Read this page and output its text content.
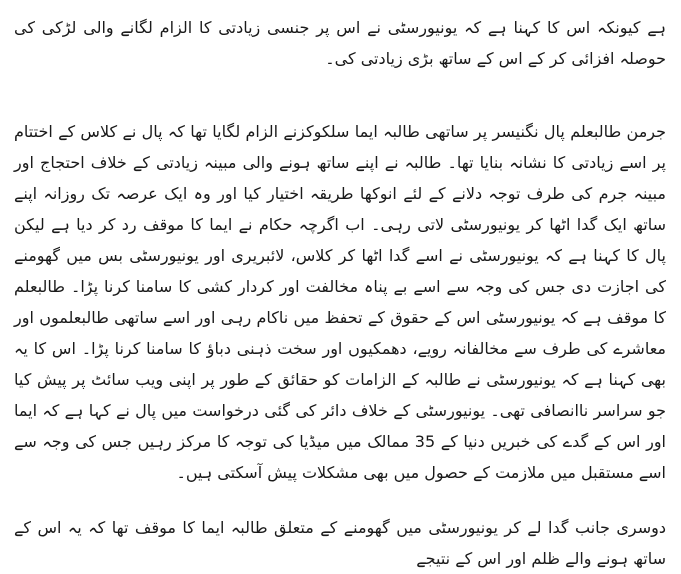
ہے کیونکہ اس کا کہنا ہے کہ یونیورسٹی نے اس پر جنسی زیادتی کا الزام لگانے والی لڑکی کی حوصلہ افزائی کر کے اس کے ساتھ بڑی زیادتی کی۔

جرمن طالبعلم پال نگنیسر پر ساتھی طالبہ ایما سلکوکزنے الزام لگایا تھا کہ پال نے کلاس کے اختتام پر اسے زیادتی کا نشانہ بنایا تھا۔ طالبہ نے اپنے ساتھ ہونے والی مبینہ زیادتی کے خلاف احتجاج اور مبینہ جرم کی طرف توجہ دلانے کے لئے انوکھا طریقہ اختیار کیا اور وہ ایک عرصہ تک روزانہ اپنے ساتھ ایک گدا اٹھا کر یونیورسٹی لاتی رہی۔ اب اگرچہ حکام نے ایما کا موقف رد کر دیا ہے لیکن پال کا کہنا ہے کہ یونیورسٹی نے اسے گدا اٹھا کر کلاس، لائبریری اور یونیورسٹی بس میں گھومنے کی اجازت دی جس کی وجہ سے اسے بے پناہ مخالفت اور کردار کشی کا سامنا کرنا پڑا۔ طالبعلم کا موقف ہے کہ یونیورسٹی اس کے حقوق کے تحفظ میں ناکام رہی اور اسے ساتھی طالبعلموں اور معاشرے کی طرف سے مخالفانہ رویے، دھمکیوں اور سخت ذہنی دباؤ کا سامنا کرنا پڑا۔ اس کا یہ بھی کہنا ہے کہ یونیورسٹی نے طالبہ کے الزامات کو حقائق کے طور پر اپنی ویب سائٹ پر پیش کیا جو سراسر ناانصافی تھی۔ یونیورسٹی کے خلاف دائر کی گئی درخواست میں پال نے کہا ہے کہ ایما اور اس کے گدے کی خبریں دنیا کے 35 ممالک میں میڈیا کی توجہ کا مرکز رہیں جس کی وجہ سے اسے مستقبل میں ملازمت کے حصول میں بھی مشکلات پیش آسکتی ہیں۔

دوسری جانب گدا لے کر یونیورسٹی میں گھومنے کے متعلق طالبہ ایما کا موقف تھا کہ یہ اس کے ساتھ ہونے والے ظلم اور اس کے نتیجے
